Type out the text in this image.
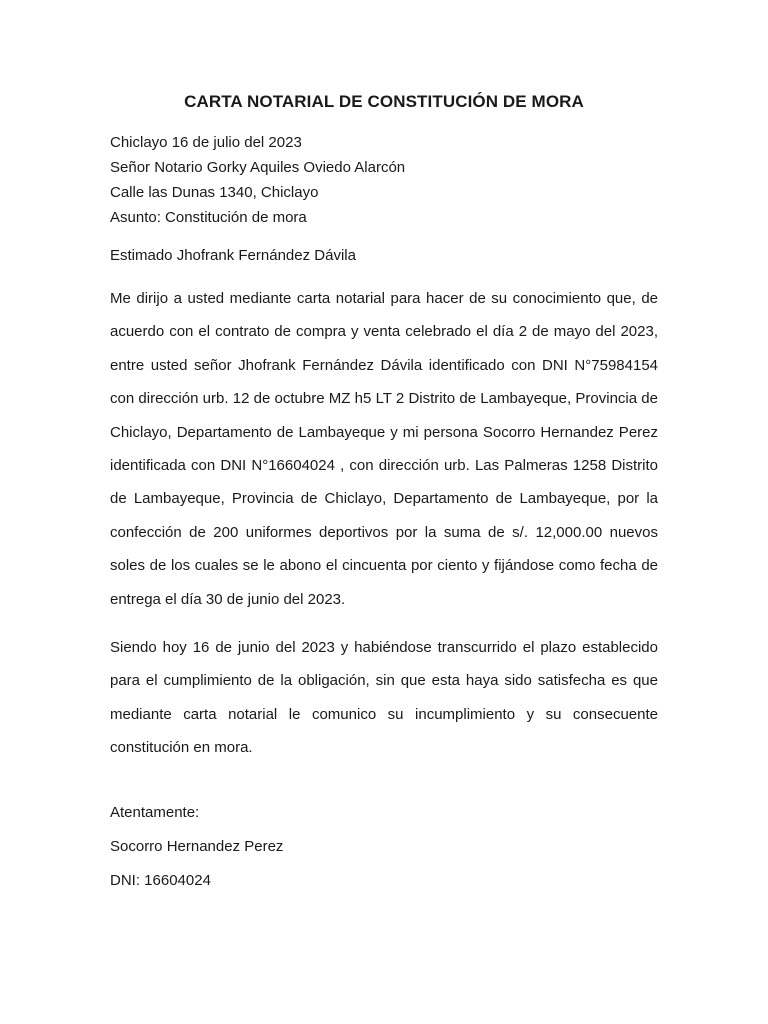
CARTA NOTARIAL DE CONSTITUCIÓN DE MORA
Chiclayo 16 de julio del 2023
Señor Notario Gorky Aquiles Oviedo Alarcón
Calle las Dunas 1340, Chiclayo
Asunto: Constitución de mora
Estimado Jhofrank Fernández Dávila
Me dirijo a usted mediante carta notarial para hacer de su conocimiento que, de acuerdo con el contrato de compra y venta celebrado el día 2 de mayo del 2023, entre usted señor Jhofrank Fernández Dávila identificado con DNI N°75984154 con dirección urb. 12 de octubre MZ h5 LT 2 Distrito de Lambayeque, Provincia de Chiclayo, Departamento de Lambayeque y mi persona Socorro Hernandez Perez identificada con DNI N°16604024 , con dirección urb. Las Palmeras 1258 Distrito de Lambayeque, Provincia de Chiclayo, Departamento de Lambayeque, por la confección de 200 uniformes deportivos por la suma de s/. 12,000.00 nuevos soles de los cuales se le abono el cincuenta por ciento y fijándose como fecha de entrega el día 30 de junio del 2023.
Siendo hoy 16 de junio del 2023 y habiéndose transcurrido el plazo establecido para el cumplimiento de la obligación, sin que esta haya sido satisfecha es que mediante carta notarial le comunico su incumplimiento y su consecuente constitución en mora.
Atentamente:
Socorro Hernandez Perez
DNI: 16604024
